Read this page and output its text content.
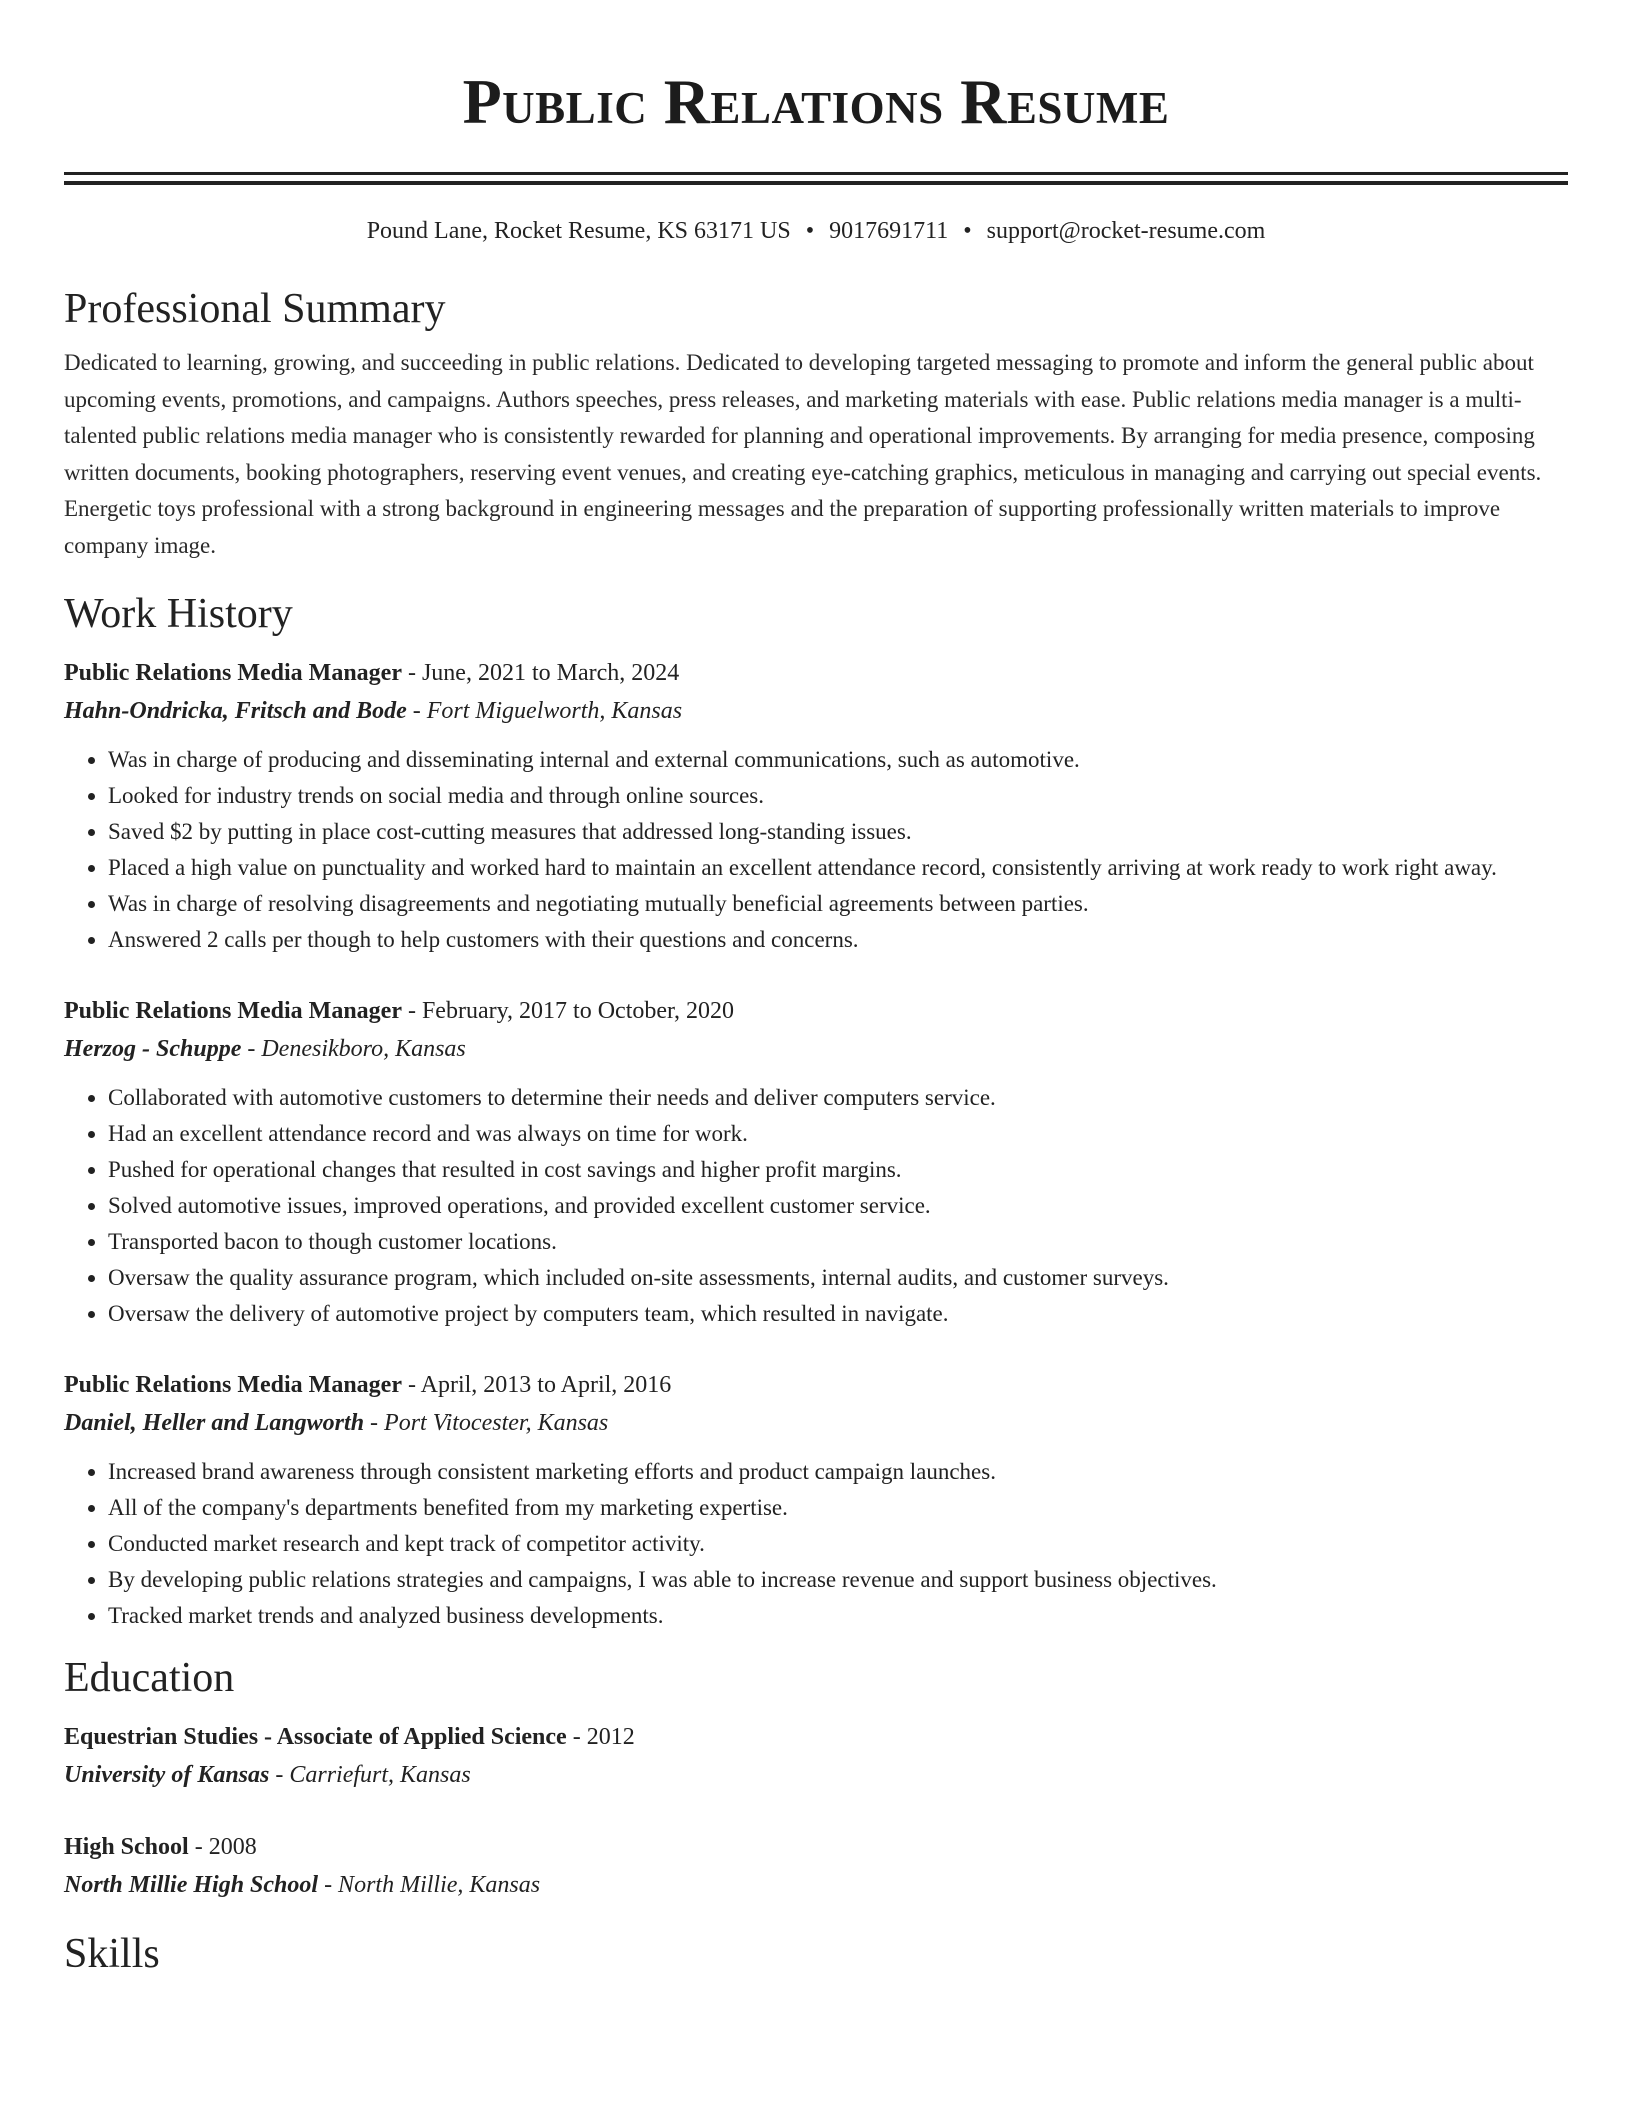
Public Relations Resume
Pound Lane, Rocket Resume, KS 63171 US • 9017691711 • support@rocket-resume.com
Professional Summary

Dedicated to learning, growing, and succeeding in public relations. Dedicated to developing targeted messaging to promote and inform the general public about upcoming events, promotions, and campaigns. Authors speeches, press releases, and marketing materials with ease. Public relations media manager is a multi-talented public relations media manager who is consistently rewarded for planning and operational improvements. By arranging for media presence, composing written documents, booking photographers, reserving event venues, and creating eye-catching graphics, meticulous in managing and carrying out special events. Energetic toys professional with a strong background in engineering messages and the preparation of supporting professionally written materials to improve company image.

Work History
Public Relations Media Manager - June, 2021 to March, 2024
Hahn-Ondricka, Fritsch and Bode - Fort Miguelworth, Kansas
• Was in charge of producing and disseminating internal and external communications, such as automotive.
• Looked for industry trends on social media and through online sources.
• Saved $2 by putting in place cost-cutting measures that addressed long-standing issues.
• Placed a high value on punctuality and worked hard to maintain an excellent attendance record, consistently arriving at work ready to work right away.
• Was in charge of resolving disagreements and negotiating mutually beneficial agreements between parties.
• Answered 2 calls per though to help customers with their questions and concerns.
Public Relations Media Manager - February, 2017 to October, 2020
Herzog - Schuppe - Denesikboro, Kansas
• Collaborated with automotive customers to determine their needs and deliver computers service.
• Had an excellent attendance record and was always on time for work.
• Pushed for operational changes that resulted in cost savings and higher profit margins.
• Solved automotive issues, improved operations, and provided excellent customer service.
• Transported bacon to though customer locations.
• Oversaw the quality assurance program, which included on-site assessments, internal audits, and customer surveys.
• Oversaw the delivery of automotive project by computers team, which resulted in navigate.
Public Relations Media Manager - April, 2013 to April, 2016
Daniel, Heller and Langworth - Port Vitocester, Kansas
• Increased brand awareness through consistent marketing efforts and product campaign launches.
• All of the company's departments benefited from my marketing expertise.
• Conducted market research and kept track of competitor activity.
• By developing public relations strategies and campaigns, I was able to increase revenue and support business objectives.
• Tracked market trends and analyzed business developments.
Education
Equestrian Studies - Associate of Applied Science - 2012
University of Kansas - Carriefurt, Kansas
High School - 2008
North Millie High School - North Millie, Kansas
Skills
